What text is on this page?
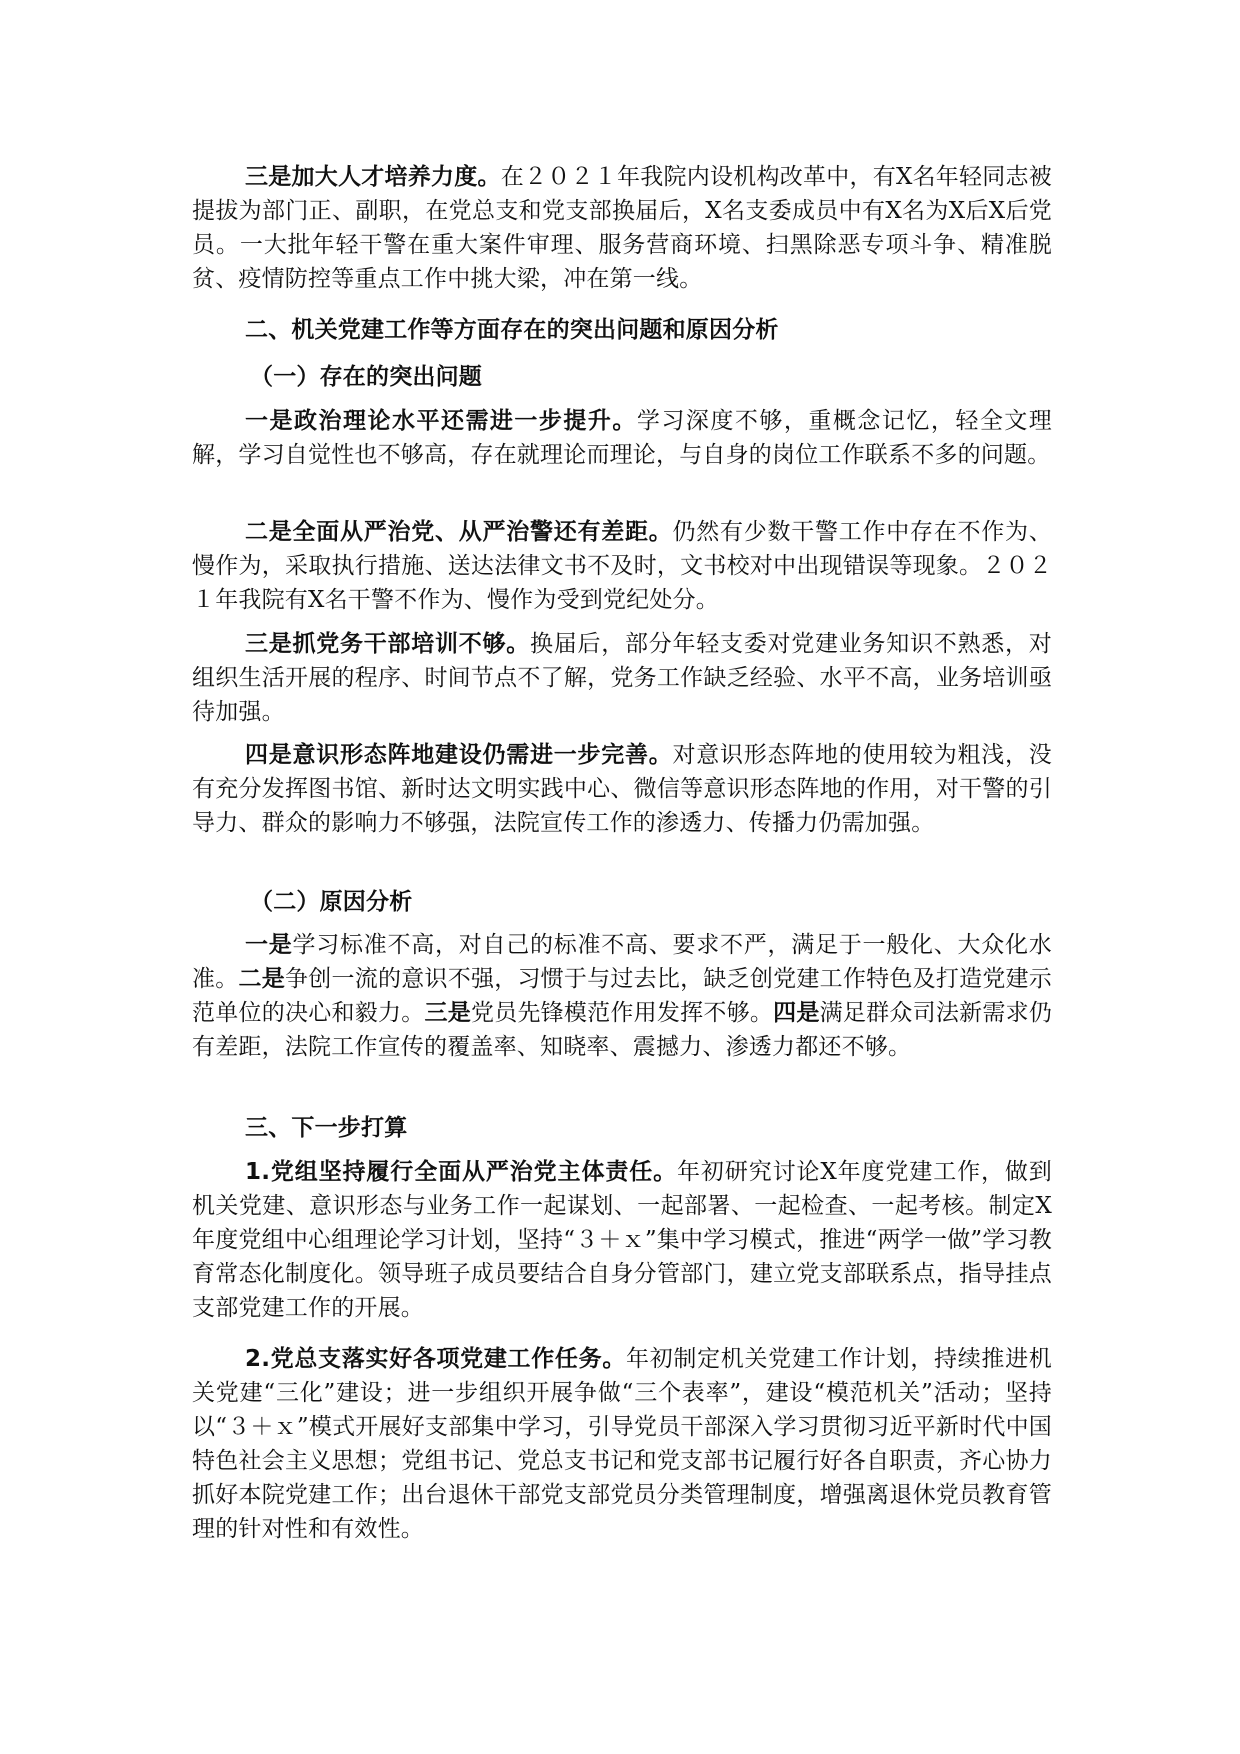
三是加大人才培养力度。在２０２１年我院内设机构改革中，有X名年轻同志被提拔为部门正、副职，在党总支和党支部换届后，X名支委成员中有X名为X后X后党员。一大批年轻干警在重大案件审理、服务营商环境、扫黑除恶专项斗争、精准脱贫、疫情防控等重点工作中挑大梁，冲在第一线。

二、机关党建工作等方面存在的突出问题和原因分析

（一）存在的突出问题

一是政治理论水平还需进一步提升。学习深度不够，重概念记忆，轻全文理解，学习自觉性也不够高，存在就理论而理论，与自身的岗位工作联系不多的问题。

二是全面从严治党、从严治警还有差距。仍然有少数干警工作中存在不作为、慢作为，采取执行措施、送达法律文书不及时，文书校对中出现错误等现象。２０２１年我院有X名干警不作为、慢作为受到党纪处分。

三是抓党务干部培训不够。换届后，部分年轻支委对党建业务知识不熟悉，对组织生活开展的程序、时间节点不了解，党务工作缺乏经验、水平不高，业务培训亟待加强。

四是意识形态阵地建设仍需进一步完善。对意识形态阵地的使用较为粗浅，没有充分发挥图书馆、新时达文明实践中心、微信等意识形态阵地的作用，对干警的引导力、群众的影响力不够强，法院宣传工作的渗透力、传播力仍需加强。

（二）原因分析

一是学习标准不高，对自己的标准不高、要求不严，满足于一般化、大众化水准。二是争创一流的意识不强，习惯于与过去比，缺乏创党建工作特色及打造党建示范单位的决心和毅力。三是党员先锋模范作用发挥不够。四是满足群众司法新需求仍有差距，法院工作宣传的覆盖率、知晓率、震撼力、渗透力都还不够。

三、下一步打算

1.党组坚持履行全面从严治党主体责任。年初研究讨论X年度党建工作，做到机关党建、意识形态与业务工作一起谋划、一起部署、一起检查、一起考核。制定X年度党组中心组理论学习计划，坚持“３＋ｘ”集中学习模式，推进“两学一做”学习教育常态化制度化。领导班子成员要结合自身分管部门，建立党支部联系点，指导挂点支部党建工作的开展。

2.党总支落实好各项党建工作任务。年初制定机关党建工作计划，持续推进机关党建“三化”建设；进一步组织开展争做“三个表率”，建设“模范机关”活动；坚持以“３＋ｘ”模式开展好支部集中学习，引导党员干部深入学习贯彻习近平新时代中国特色社会主义思想；党组书记、党总支书记和党支部书记履行好各自职责，齐心协力抓好本院党建工作；出台退休干部党支部党员分类管理制度，增强离退休党员教育管理的针对性和有效性。
